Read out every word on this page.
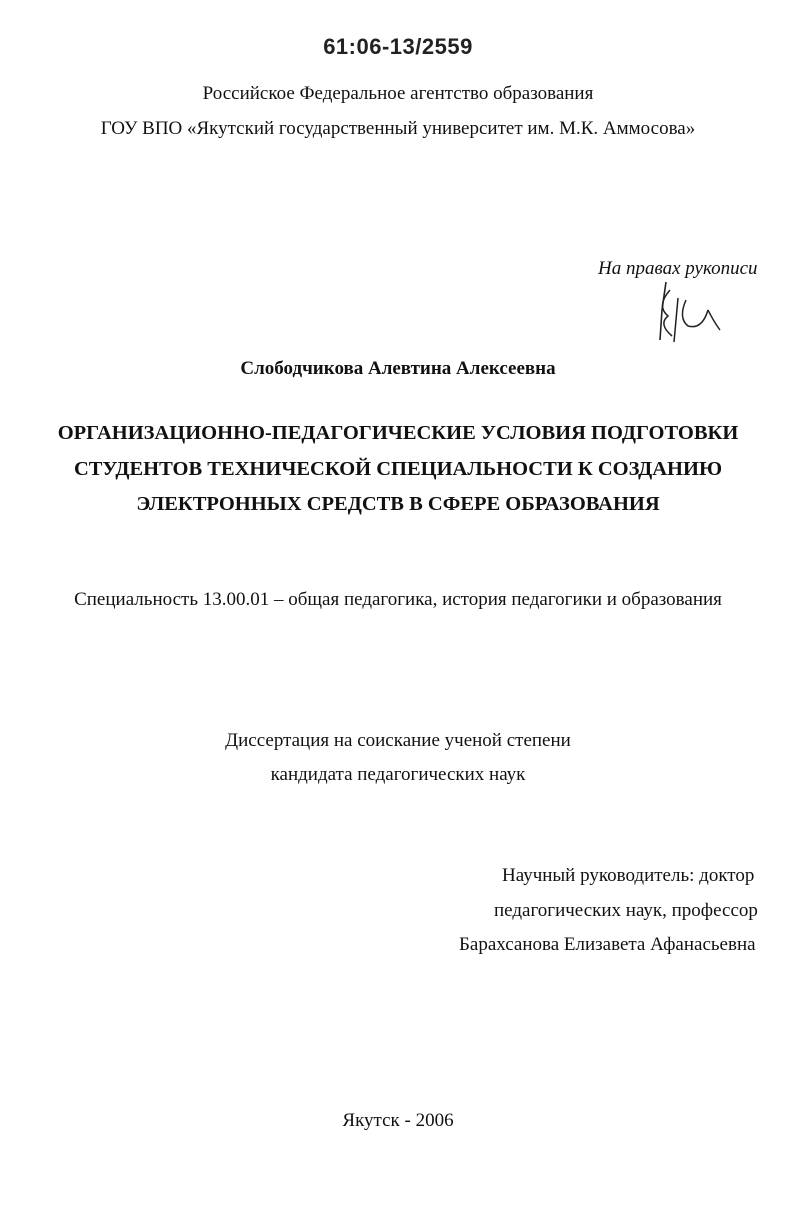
61:06-13/2559
Российское Федеральное агентство образования
ГОУ ВПО «Якутский государственный университет им. М.К. Аммосова»
На правах рукописи
Слободчикова Алевтина Алексеевна
ОРГАНИЗАЦИОННО-ПЕДАГОГИЧЕСКИЕ УСЛОВИЯ ПОДГОТОВКИ
СТУДЕНТОВ ТЕХНИЧЕСКОЙ СПЕЦИАЛЬНОСТИ К СОЗДАНИЮ
ЭЛЕКТРОННЫХ СРЕДСТВ В СФЕРЕ ОБРАЗОВАНИЯ
Специальность 13.00.01 – общая педагогика, история педагогики и образования
Диссертация на соискание ученой степени
кандидата педагогических наук
Научный руководитель: доктор
педагогических наук, профессор
Барахсанова Елизавета Афанасьевна
Якутск - 2006
